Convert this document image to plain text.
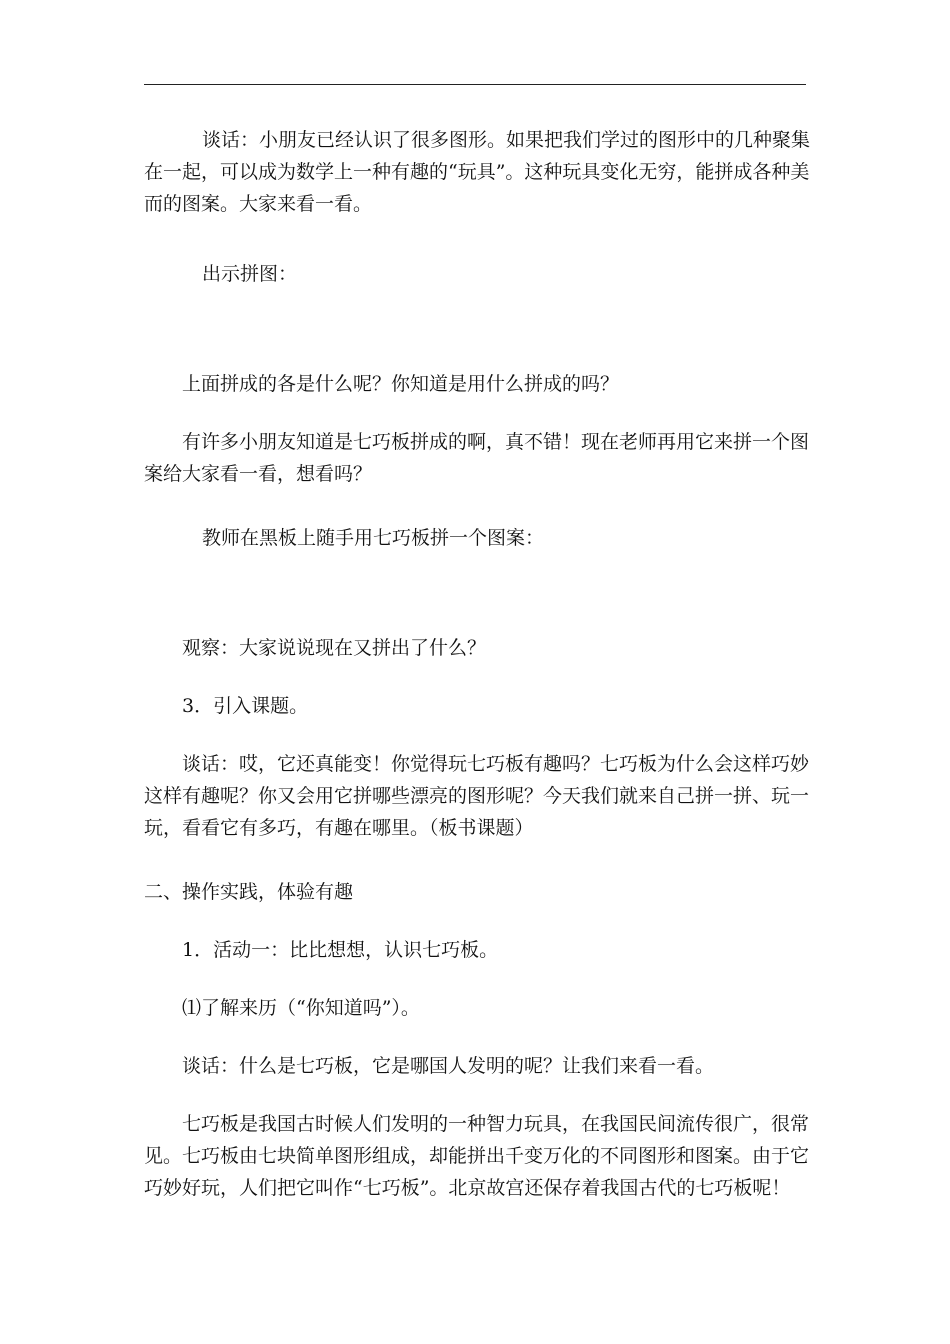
谈话：小朋友已经认识了很多图形。如果把我们学过的图形中的几种聚集在一起，可以成为数学上一种有趣的“玩具”。这种玩具变化无穷，能拼成各种美而的图案。大家来看一看。

出示拼图：

上面拼成的各是什么呢？你知道是用什么拼成的吗？

有许多小朋友知道是七巧板拼成的啊，真不错！现在老师再用它来拼一个图案给大家看一看，想看吗？

教师在黑板上随手用七巧板拼一个图案：

观察：大家说说现在又拼出了什么？

3．引入课题。

谈话：哎，它还真能变！你觉得玩七巧板有趣吗？七巧板为什么会这样巧妙这样有趣呢？你又会用它拼哪些漂亮的图形呢？今天我们就来自己拼一拼、玩一玩，看看它有多巧，有趣在哪里。（板书课题）

二、操作实践，体验有趣

1．活动一：比比想想，认识七巧板。

⑴了解来历（“你知道吗”）。

谈话：什么是七巧板，它是哪国人发明的呢？让我们来看一看。

七巧板是我国古时候人们发明的一种智力玩具，在我国民间流传很广，很常见。七巧板由七块简单图形组成，却能拼出千变万化的不同图形和图案。由于它巧妙好玩，人们把它叫作“七巧板”。北京故宫还保存着我国古代的七巧板呢！
